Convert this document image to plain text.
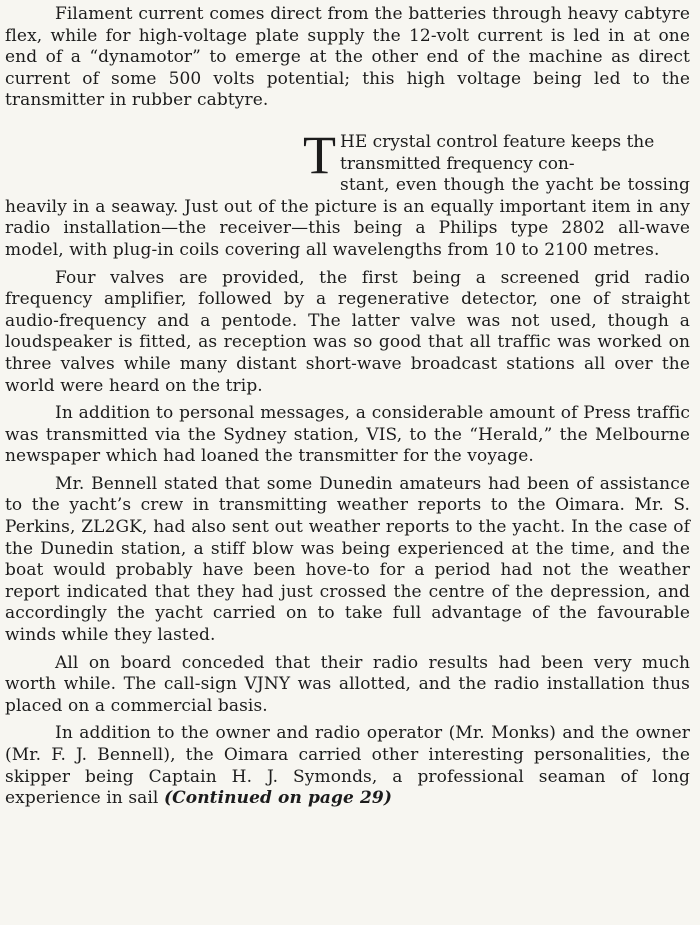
Filament current comes direct from the batteries through heavy cabtyre flex, while for high-voltage plate supply the 12-volt current is led in at one end of a “dynamotor” to emerge at the other end of the machine as direct current of some 500 volts potential; this high voltage being led to the transmitter in rubber cabtyre.

T HE crystal control feature keeps the transmitted frequency con-

stant, even though the yacht be tossing heavily in a seaway. Just out of the picture is an equally important item in any radio installation—the receiver—this being a Philips type 2802 all-wave model, with plug-in coils covering all wavelengths from 10 to 2100 metres.

Four valves are provided, the first being a screened grid radio frequency amplifier, followed by a regenerative detector, one of straight audio-frequency and a pentode. The latter valve was not used, though a loudspeaker is fitted, as reception was so good that all traffic was worked on three valves while many distant short-wave broadcast stations all over the world were heard on the trip.

In addition to personal messages, a considerable amount of Press traffic was transmitted via the Sydney station, VIS, to the “Herald,” the Melbourne newspaper which had loaned the transmitter for the voyage.

Mr. Bennell stated that some Dunedin amateurs had been of assistance to the yacht’s crew in transmitting weather reports to the Oimara. Mr. S. Perkins, ZL2GK, had also sent out weather reports to the yacht. In the case of the Dunedin station, a stiff blow was being experienced at the time, and the boat would probably have been hove-to for a period had not the weather report indicated that they had just crossed the centre of the depression, and accordingly the yacht carried on to take full advantage of the favourable winds while they lasted.

All on board conceded that their radio results had been very much worth while. The call-sign VJNY was allotted, and the radio installation thus placed on a commercial basis.

In addition to the owner and radio operator (Mr. Monks) and the owner (Mr. F. J. Bennell), the Oimara carried other interesting personalities, the skipper being Captain H. J. Symonds, a professional seaman of long experience in sail (Continued on page 29)
